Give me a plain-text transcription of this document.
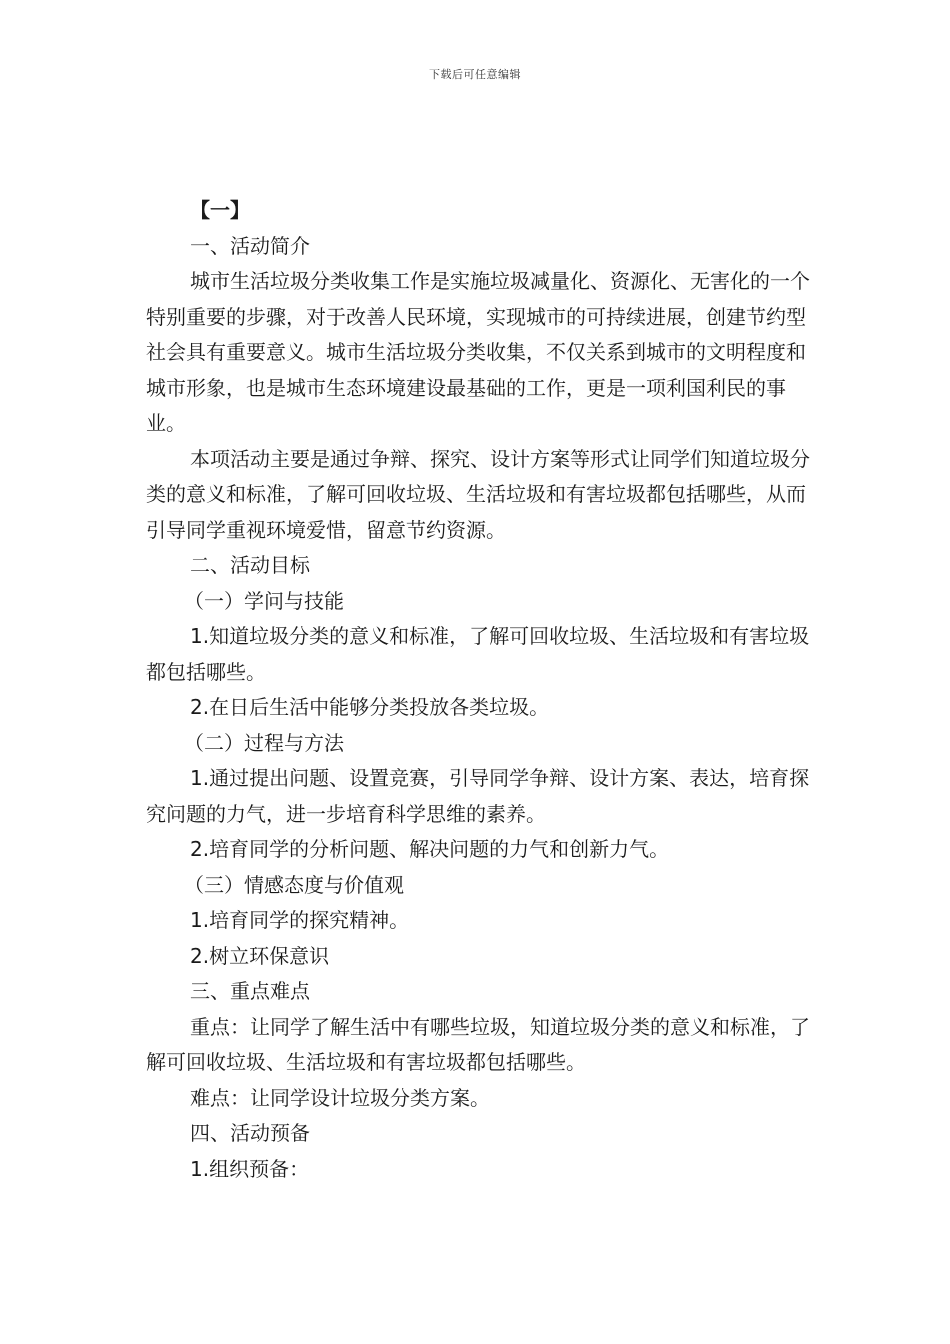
下载后可任意编辑

【一】

一、活动简介

城市生活垃圾分类收集工作是实施垃圾减量化、资源化、无害化的一个特别重要的步骤，对于改善人民环境，实现城市的可持续进展，创建节约型社会具有重要意义。城市生活垃圾分类收集，不仅关系到城市的文明程度和城市形象，也是城市生态环境建设最基础的工作，更是一项利国利民的事业。

本项活动主要是通过争辩、探究、设计方案等形式让同学们知道垃圾分类的意义和标准，了解可回收垃圾、生活垃圾和有害垃圾都包括哪些，从而引导同学重视环境爱惜，留意节约资源。

二、活动目标

（一）学问与技能

1.知道垃圾分类的意义和标准，了解可回收垃圾、生活垃圾和有害垃圾都包括哪些。

2.在日后生活中能够分类投放各类垃圾。

（二）过程与方法

1.通过提出问题、设置竞赛，引导同学争辩、设计方案、表达，培育探究问题的力气，进一步培育科学思维的素养。

2.培育同学的分析问题、解决问题的力气和创新力气。

（三）情感态度与价值观

1.培育同学的探究精神。

2.树立环保意识

三、重点难点

重点：让同学了解生活中有哪些垃圾，知道垃圾分类的意义和标准，了解可回收垃圾、生活垃圾和有害垃圾都包括哪些。

难点：让同学设计垃圾分类方案。

四、活动预备

1.组织预备：
